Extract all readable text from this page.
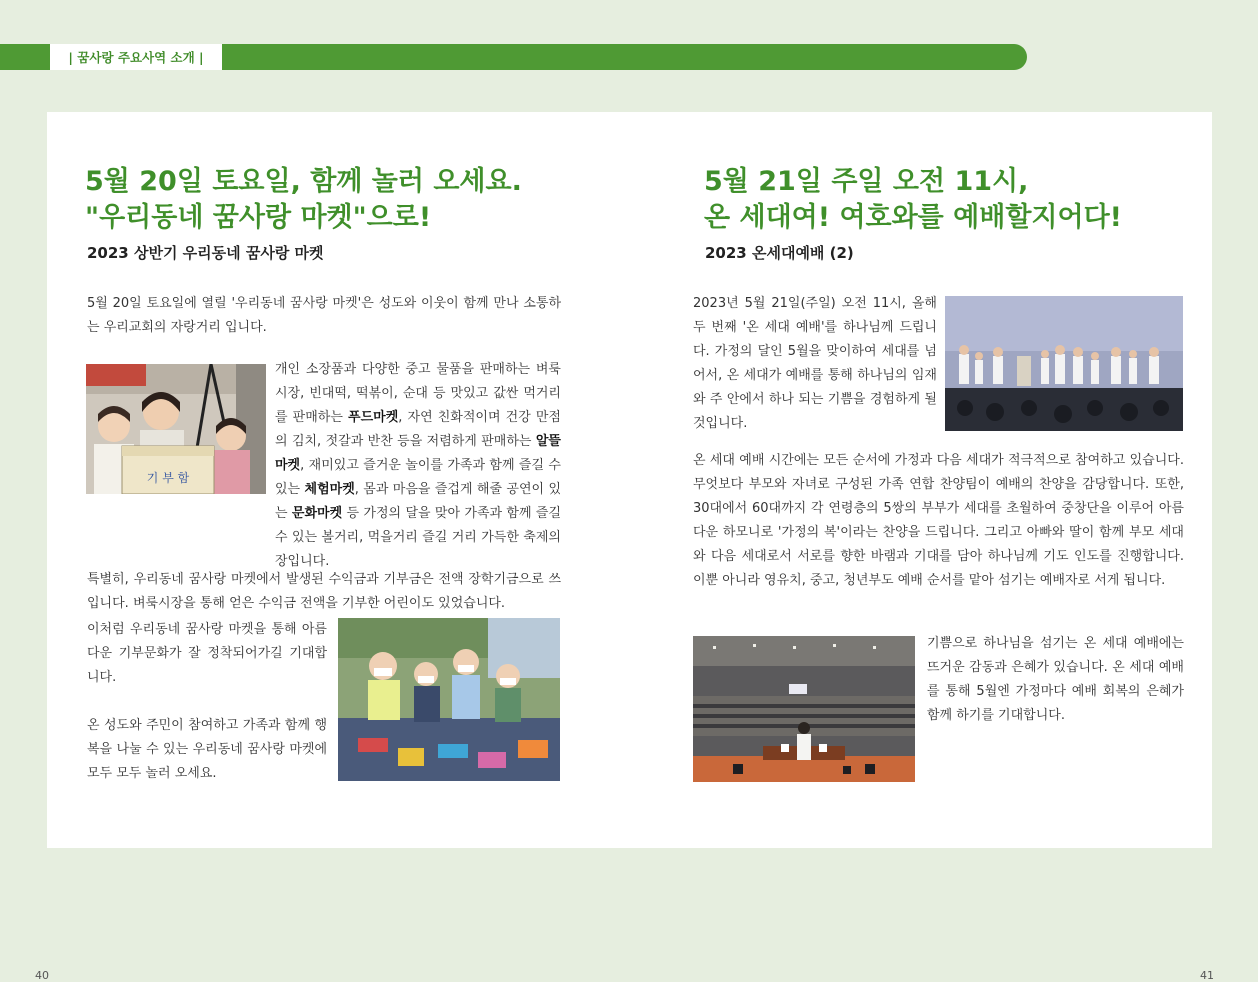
| 꿈사랑 주요사역 소개 |
5월 20일 토요일, 함께 놀러 오세요.
"우리동네 꿈사랑 마켓"으로!
2023 상반기 우리동네 꿈사랑 마켓

5월 20일 토요일에 열릴 '우리동네 꿈사랑 마켓'은 성도와 이웃이 함께 만나 소통하는 우리교회의 자랑거리 입니다.

기 부 함

개인 소장품과 다양한 중고 물품을 판매하는 벼룩시장, 빈대떡, 떡볶이, 순대 등 맛있고 값싼 먹거리를 판매하는 푸드마켓, 자연 친화적이며 건강 만점의 김치, 젓갈과 반찬 등을 저렴하게 판매하는 알뜰마켓, 재미있고 즐거운 놀이를 가족과 함께 즐길 수 있는 체험마켓, 몸과 마음을 즐겁게 해줄 공연이 있는 문화마켓 등 가정의 달을 맞아 가족과 함께 즐길 수 있는 볼거리, 먹을거리 즐길 거리 가득한 축제의 장입니다.

특별히, 우리동네 꿈사랑 마켓에서 발생된 수익금과 기부금은 전액 장학기금으로 쓰입니다. 벼룩시장을 통해 얻은 수익금 전액을 기부한 어린이도 있었습니다.

이처럼 우리동네 꿈사랑 마켓을 통해 아름다운 기부문화가 잘 정착되어가길 기대합니다.

온 성도와 주민이 참여하고 가족과 함께 행복을 나눌 수 있는 우리동네 꿈사랑 마켓에 모두 모두 놀러 오세요.

40
5월 21일 주일 오전 11시,
온 세대여! 여호와를 예배할지어다!
2023 온세대예배 (2)

2023년 5월 21일(주일) 오전 11시, 올해 두 번째 '온 세대 예배'를 하나님께 드립니다. 가정의 달인 5월을 맞이하여 세대를 넘어서, 온 세대가 예배를 통해 하나님의 임재와 주 안에서 하나 되는 기쁨을 경험하게 될 것입니다.

온 세대 예배 시간에는 모든 순서에 가정과 다음 세대가 적극적으로 참여하고 있습니다. 무엇보다 부모와 자녀로 구성된 가족 연합 찬양팀이 예배의 찬양을 감당합니다. 또한, 30대에서 60대까지 각 연령층의 5쌍의 부부가 세대를 초월하여 중창단을 이루어 아름다운 하모니로 '가정의 복'이라는 찬양을 드립니다. 그리고 아빠와 딸이 함께 부모 세대와 다음 세대로서 서로를 향한 바램과 기대를 담아 하나님께 기도 인도를 진행합니다. 이뿐 아니라 영유치, 중고, 청년부도 예배 순서를 맡아 섬기는 예배자로 서게 됩니다.

기쁨으로 하나님을 섬기는 온 세대 예배에는 뜨거운 감동과 은혜가 있습니다. 온 세대 예배를 통해 5월엔 가정마다 예배 회복의 은혜가 함께 하기를 기대합니다.

41
